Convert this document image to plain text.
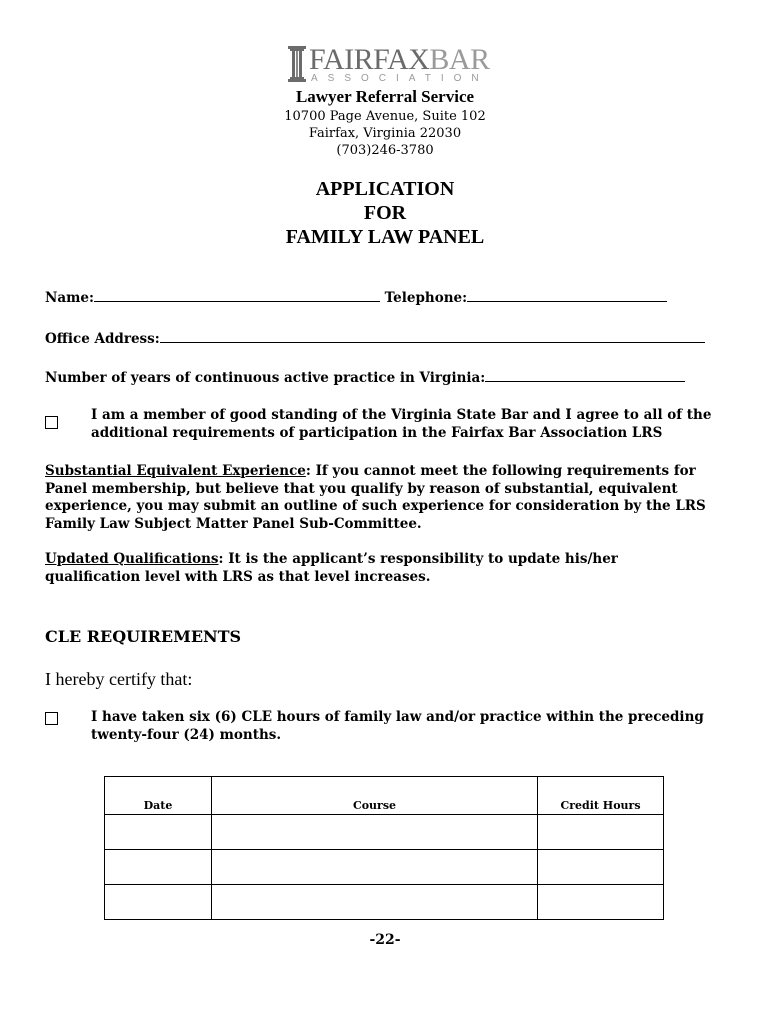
FAIRFAXBAR
ASSOCIATION
Lawyer Referral Service
10700 Page Avenue, Suite 102
Fairfax, Virginia 22030
(703)246-3780
APPLICATION
FOR
FAMILY LAW PANEL
Name:	Telephone:
Office Address:
Number of years of continuous active practice in Virginia:
I am a member of good standing of the Virginia State Bar and I agree to all of the additional requirements of participation in the Fairfax Bar Association LRS
Substantial Equivalent Experience: If you cannot meet the following requirements for Panel membership, but believe that you qualify by reason of substantial, equivalent experience, you may submit an outline of such experience for consideration by the LRS Family Law Subject Matter Panel Sub-Committee.
Updated Qualifications: It is the applicant’s responsibility to update his/her qualification level with LRS as that level increases.
CLE REQUIREMENTS
I hereby certify that:
I have taken six (6) CLE hours of family law and/or practice within the preceding twenty-four (24) months.
Date	Course	Credit Hours

-22-
